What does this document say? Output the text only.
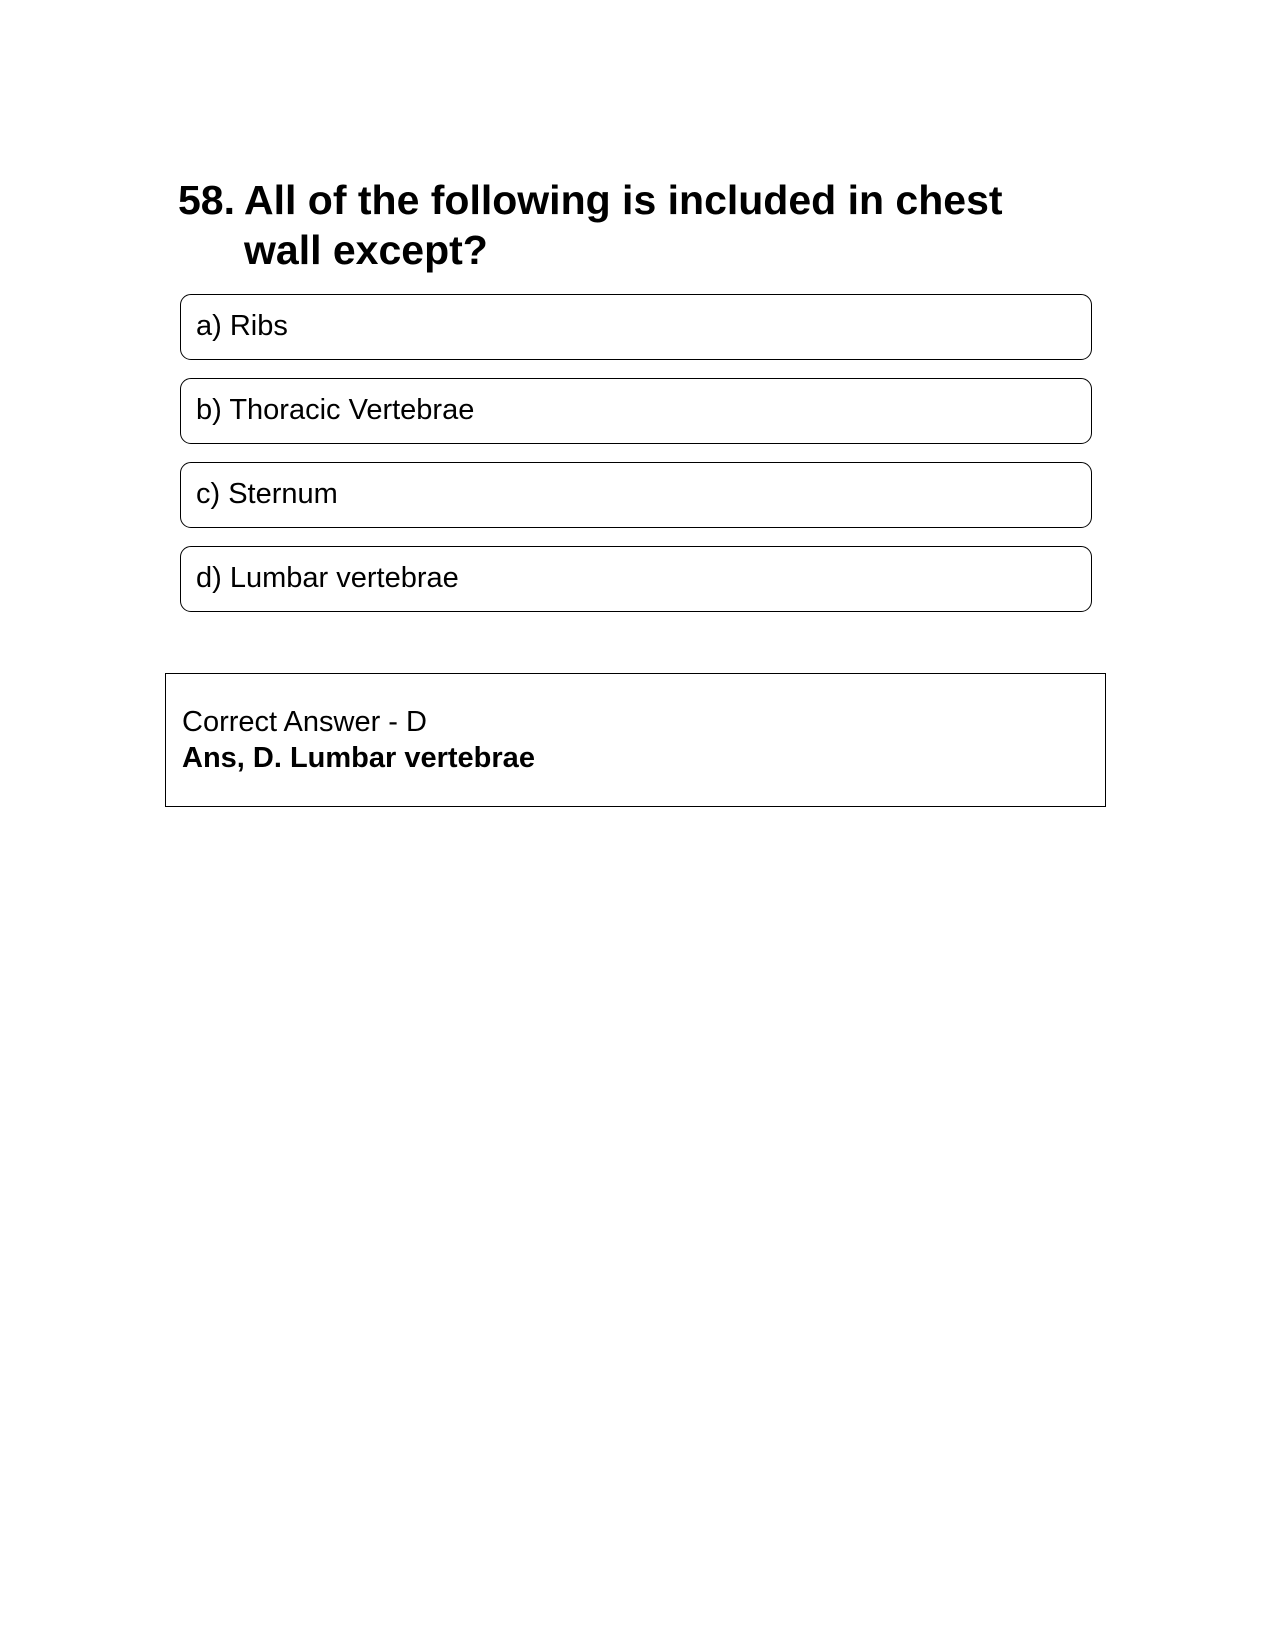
58. All of the following is included in chest wall except?
a) Ribs
b) Thoracic Vertebrae
c) Sternum
d) Lumbar vertebrae
Correct Answer - D
Ans, D. Lumbar vertebrae
